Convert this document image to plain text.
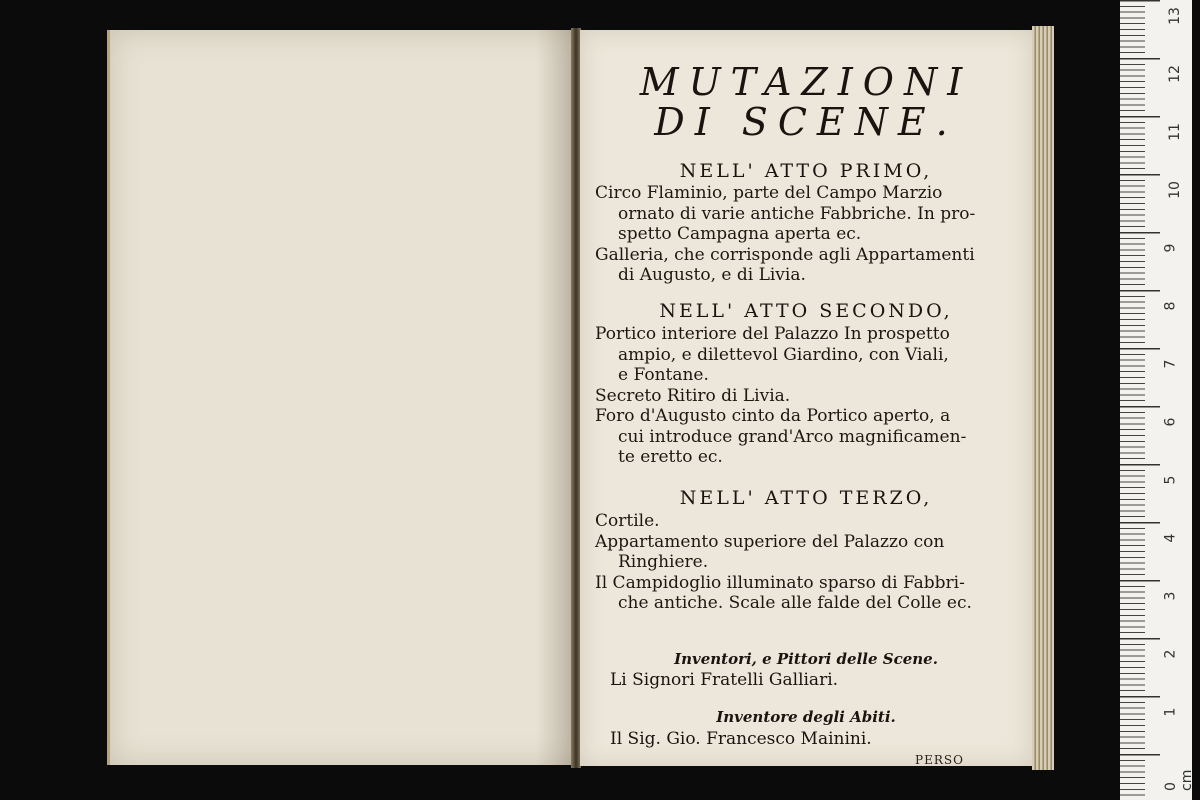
MUTAZIONI
DI SCENE.
NELL' ATTO PRIMO,
Circo Flaminio, parte del Campo Marzio
ornato di varie antiche Fabbriche. In pro-
spetto Campagna aperta ec.
Galleria, che corrisponde agli Appartamenti
di Augusto, e di Livia.
NELL' ATTO SECONDO,
Portico interiore del Palazzo In prospetto
ampio, e dilettevol Giardino, con Viali,
e Fontane.
Secreto Ritiro di Livia.
Foro d'Augusto cinto da Portico aperto, a
cui introduce grand'Arco magnificamen-
te eretto ec.
NELL' ATTO TERZO,
Cortile.
Appartamento superiore del Palazzo con
Ringhiere.
Il Campidoglio illuminato sparso di Fabbri-
che antiche. Scale alle falde del Colle ec.
Inventori, e Pittori delle Scene.
Li Signori Fratelli Galliari.
Inventore degli Abiti.
Il Sig. Gio. Francesco Mainini.
PERSO
0 cm
1
2
3
4
5
6
7
8
9
10
11
12
13
